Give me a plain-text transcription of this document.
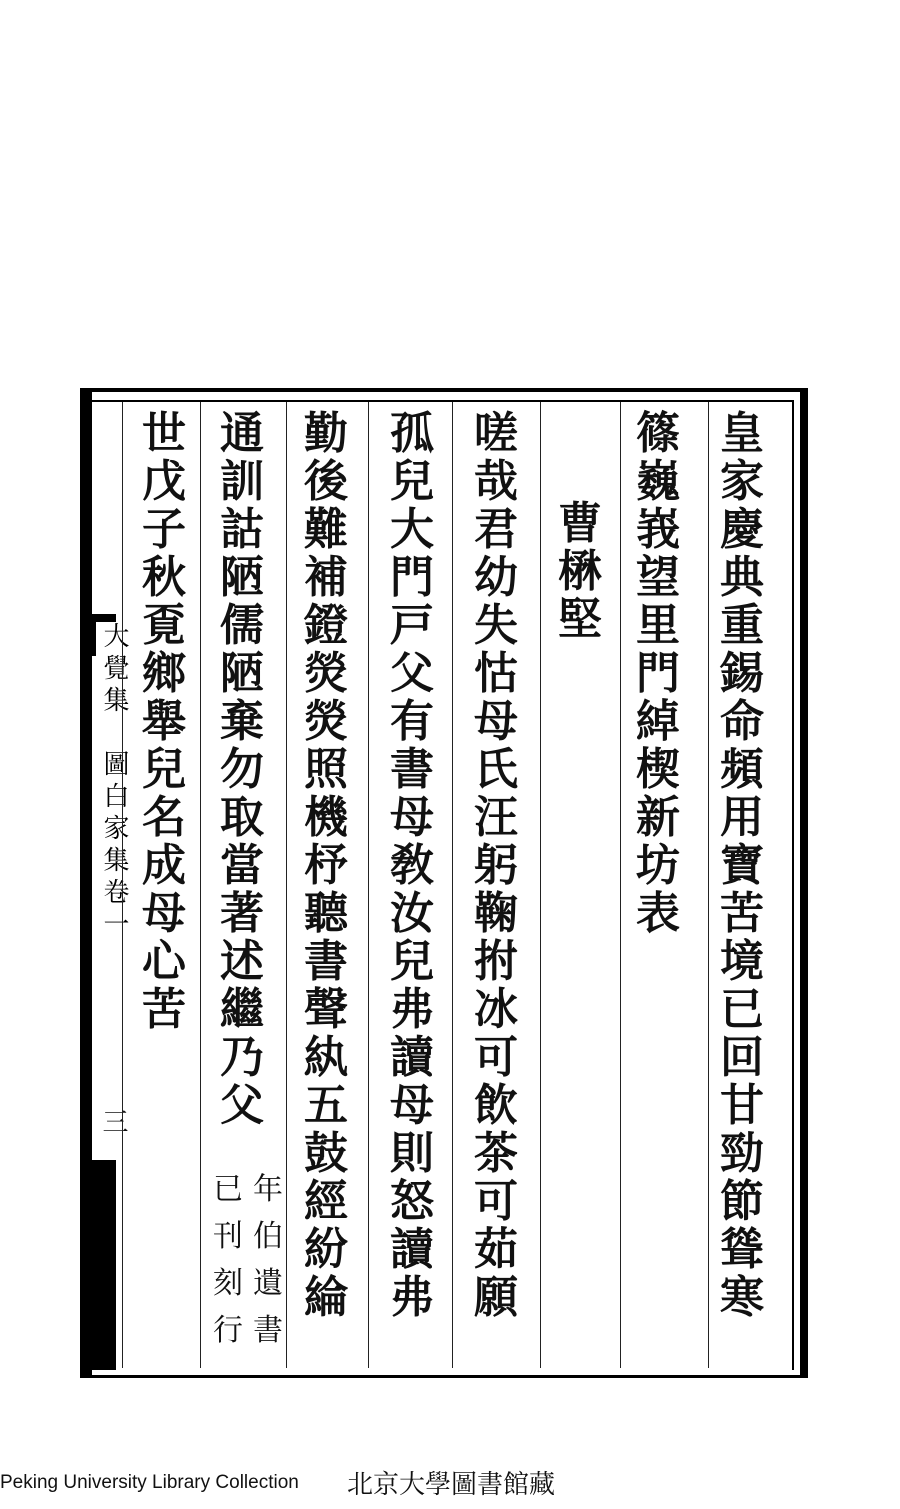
大覺集　圖白家集卷一
三
皇
家
慶
典
重
錫
命
頻
用
寶
苦
境
已
回
甘
勁
節
聳
寒
篠
巍
峩
望
里
門
綽
楔
新
坊
表
曹
楙
堅
嗟
哉
君
幼
失
怙
母
氏
汪
躬
鞠
拊
冰
可
飲
茶
可
茹
願
孤
兒
大
門
戸
父
有
書
母
敎
汝
兒
弗
讀
母
則
怒
讀
弗
勤
後
難
補
鐙
熒
熒
照
機
杼
聽
書
聲
紈
五
鼓
經
紛
綸
通
訓
詁
陋
儒
陋
棄
勿
取
當
著
述
繼
乃
父
世
戊
子
秋
覔
鄉
舉
兒
名
成
母
心
苦
年
伯
遺
書
已
刊
刻
行
Peking University Library Collection 北京大學圖書館藏
